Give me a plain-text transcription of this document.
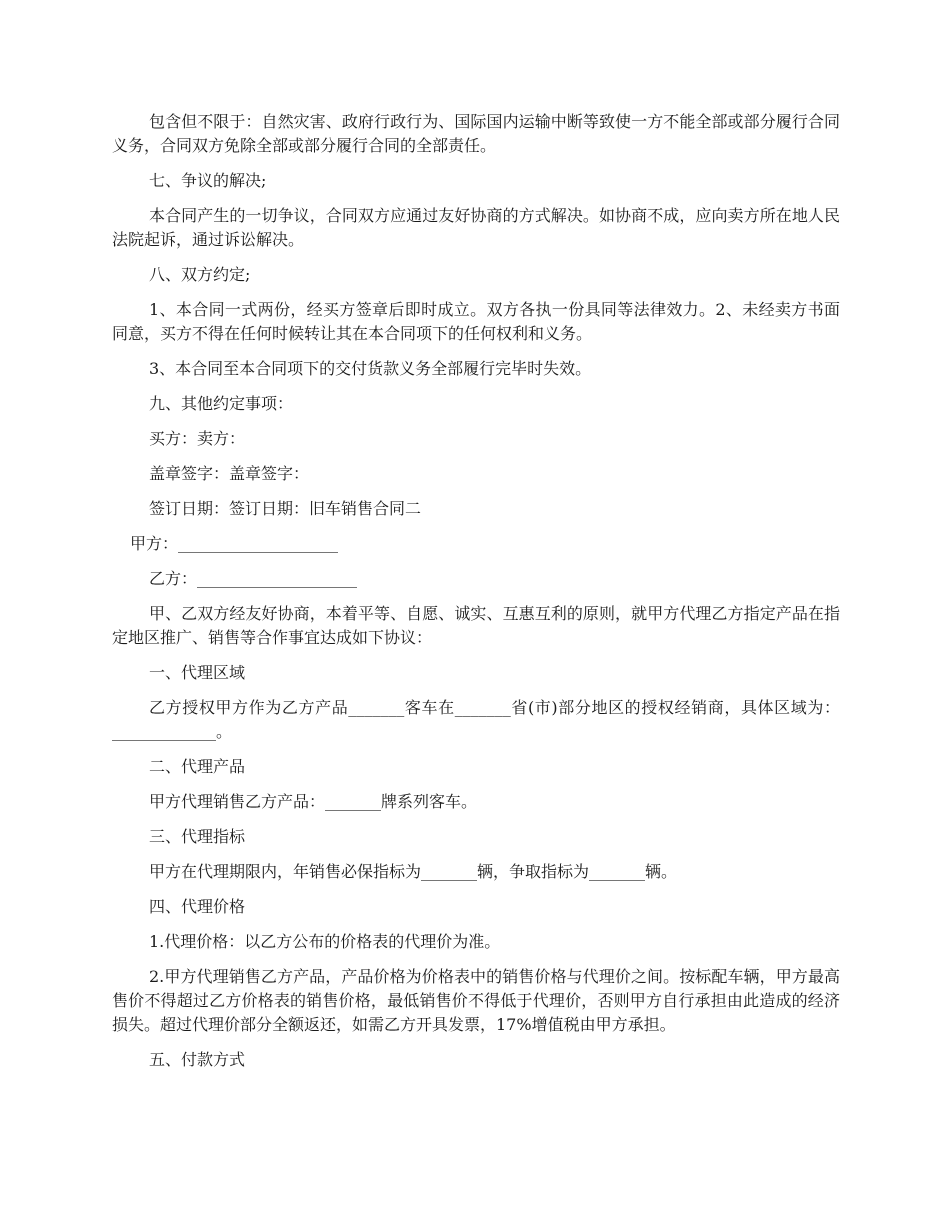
包含但不限于：自然灾害、政府行政行为、国际国内运输中断等致使一方不能全部或部分履行合同义务，合同双方免除全部或部分履行合同的全部责任。

七、争议的解决;

本合同产生的一切争议，合同双方应通过友好协商的方式解决。如协商不成，应向卖方所在地人民法院起诉，通过诉讼解决。

八、双方约定;

1、本合同一式两份，经买方签章后即时成立。双方各执一份具同等法律效力。2、未经卖方书面同意，买方不得在任何时候转让其在本合同项下的任何权利和义务。

3、本合同至本合同项下的交付货款义务全部履行完毕时失效。

九、其他约定事项：

买方：卖方：

盖章签字：盖章签字：

签订日期：签订日期：旧车销售合同二

甲方：____________________

乙方：____________________

甲、乙双方经友好协商，本着平等、自愿、诚实、互惠互利的原则，就甲方代理乙方指定产品在指定地区推广、销售等合作事宜达成如下协议：

一、代理区域

乙方授权甲方作为乙方产品_______客车在_______省(市)部分地区的授权经销商，具体区域为：_____________。

二、代理产品

甲方代理销售乙方产品：_______牌系列客车。

三、代理指标

甲方在代理期限内，年销售必保指标为_______辆，争取指标为_______辆。

四、代理价格

1.代理价格：以乙方公布的价格表的代理价为准。

2.甲方代理销售乙方产品，产品价格为价格表中的销售价格与代理价之间。按标配车辆，甲方最高售价不得超过乙方价格表的销售价格，最低销售价不得低于代理价，否则甲方自行承担由此造成的经济损失。超过代理价部分全额返还，如需乙方开具发票，17%增值税由甲方承担。

五、付款方式
